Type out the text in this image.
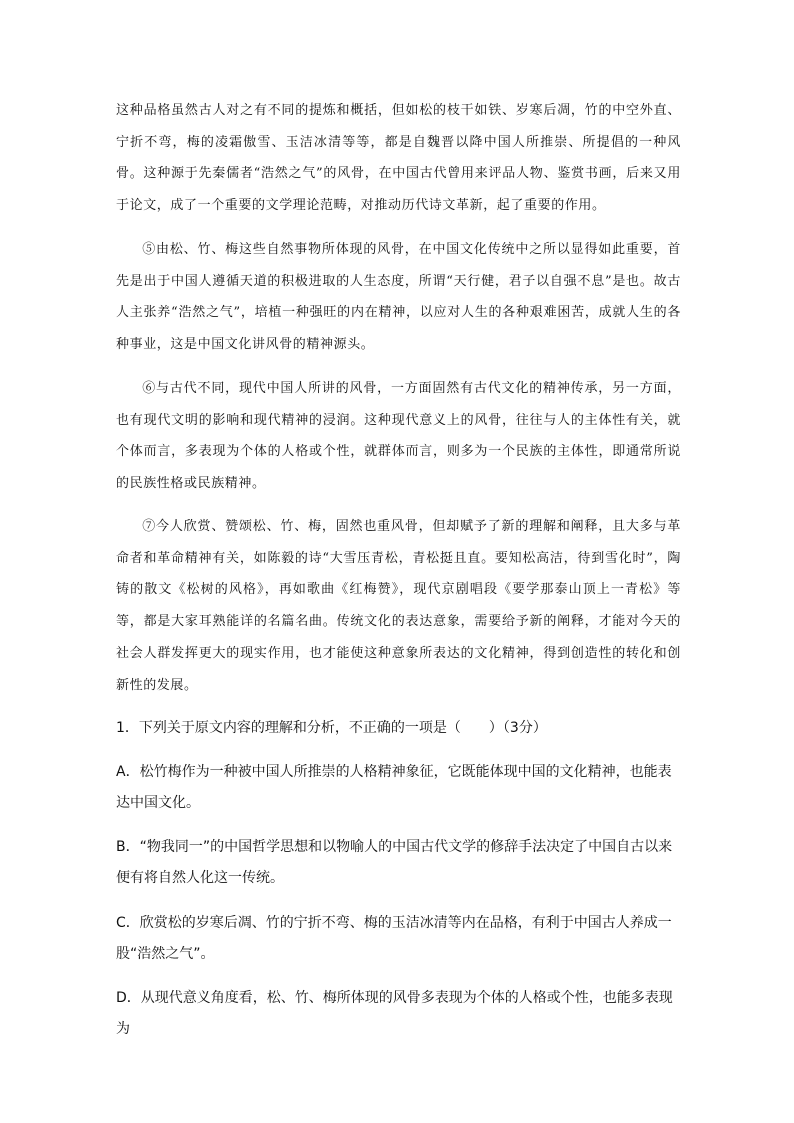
这种品格虽然古人对之有不同的提炼和概括，但如松的枝干如铁、岁寒后凋，竹的中空外直、宁折不弯，梅的凌霜傲雪、玉洁冰清等等，都是自魏晋以降中国人所推崇、所提倡的一种风骨。这种源于先秦儒者“浩然之气”的风骨，在中国古代曾用来评品人物、鉴赏书画，后来又用于论文，成了一个重要的文学理论范畴，对推动历代诗文革新，起了重要的作用。

⑤由松、竹、梅这些自然事物所体现的风骨，在中国文化传统中之所以显得如此重要，首先是出于中国人遵循天道的积极进取的人生态度，所谓“天行健，君子以自强不息”是也。故古人主张养“浩然之气”，培植一种强旺的内在精神，以应对人生的各种艰难困苦，成就人生的各种事业，这是中国文化讲风骨的精神源头。

⑥与古代不同，现代中国人所讲的风骨，一方面固然有古代文化的精神传承，另一方面，也有现代文明的影响和现代精神的浸润。这种现代意义上的风骨，往往与人的主体性有关，就个体而言，多表现为个体的人格或个性，就群体而言，则多为一个民族的主体性，即通常所说的民族性格或民族精神。

⑦今人欣赏、赞颂松、竹、梅，固然也重风骨，但却赋予了新的理解和阐释，且大多与革命者和革命精神有关，如陈毅的诗“大雪压青松，青松挺且直。要知松高洁，待到雪化时”，陶铸的散文《松树的风格》，再如歌曲《红梅赞》，现代京剧唱段《要学那泰山顶上一青松》等等，都是大家耳熟能详的名篇名曲。传统文化的表达意象，需要给予新的阐释，才能对今天的社会人群发挥更大的现实作用，也才能使这种意象所表达的文化精神，得到创造性的转化和创新性的发展。

1．下列关于原文内容的理解和分析，不正确的一项是（　　）（3分）

A．松竹梅作为一种被中国人所推崇的人格精神象征，它既能体现中国的文化精神，也能表达中国文化。

B．“物我同一”的中国哲学思想和以物喻人的中国古代文学的修辞手法决定了中国自古以来便有将自然人化这一传统。

C．欣赏松的岁寒后凋、竹的宁折不弯、梅的玉洁冰清等内在品格，有利于中国古人养成一股“浩然之气”。

D．从现代意义角度看，松、竹、梅所体现的风骨多表现为个体的人格或个性，也能多表现为
